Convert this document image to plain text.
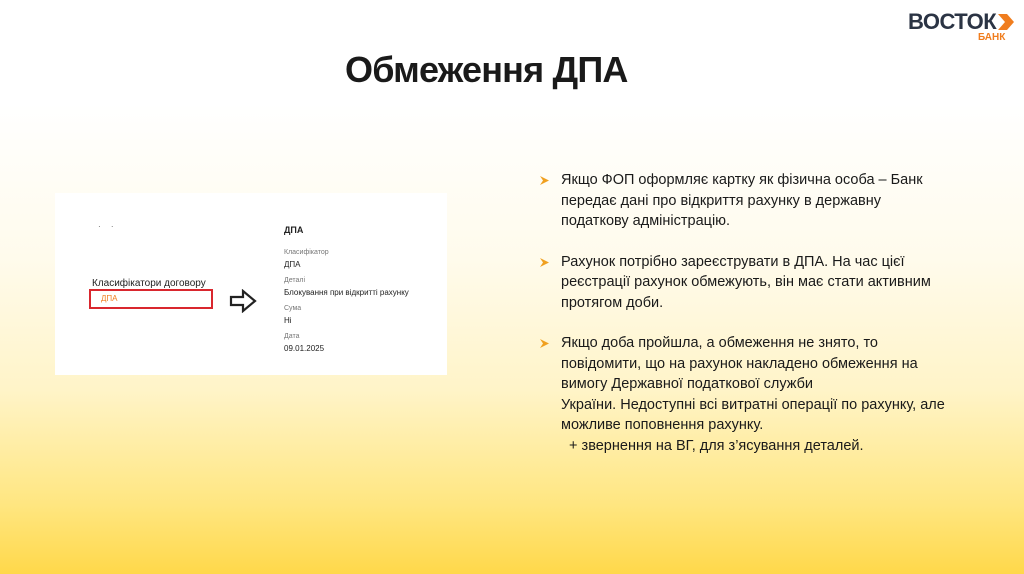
ВОСТОК
БАНК
Обмеження ДПА
· ·
Класифікатори договору
ДПА
ДПА
Класифікатор
ДПА
Деталі
Блокування при відкритті рахунку
Сума
Ні
Дата
09.01.2025
Якщо ФОП оформляє картку як фізична особа – Банк
передає дані про відкриття рахунку в державну
податкову адміністрацію.
Рахунок потрібно зареєструвати в ДПА. На час цієї
реєстрації рахунок обмежують, він має стати активним
протягом доби.
Якщо доба пройшла, а обмеження не знято, то
повідомити, що на рахунок накладено обмеження на
вимогу Державної податкової служби
України. Недоступні всі витратні операції по рахунку, але
можливе поповнення рахунку.
+ звернення на ВГ, для з’ясування деталей.
